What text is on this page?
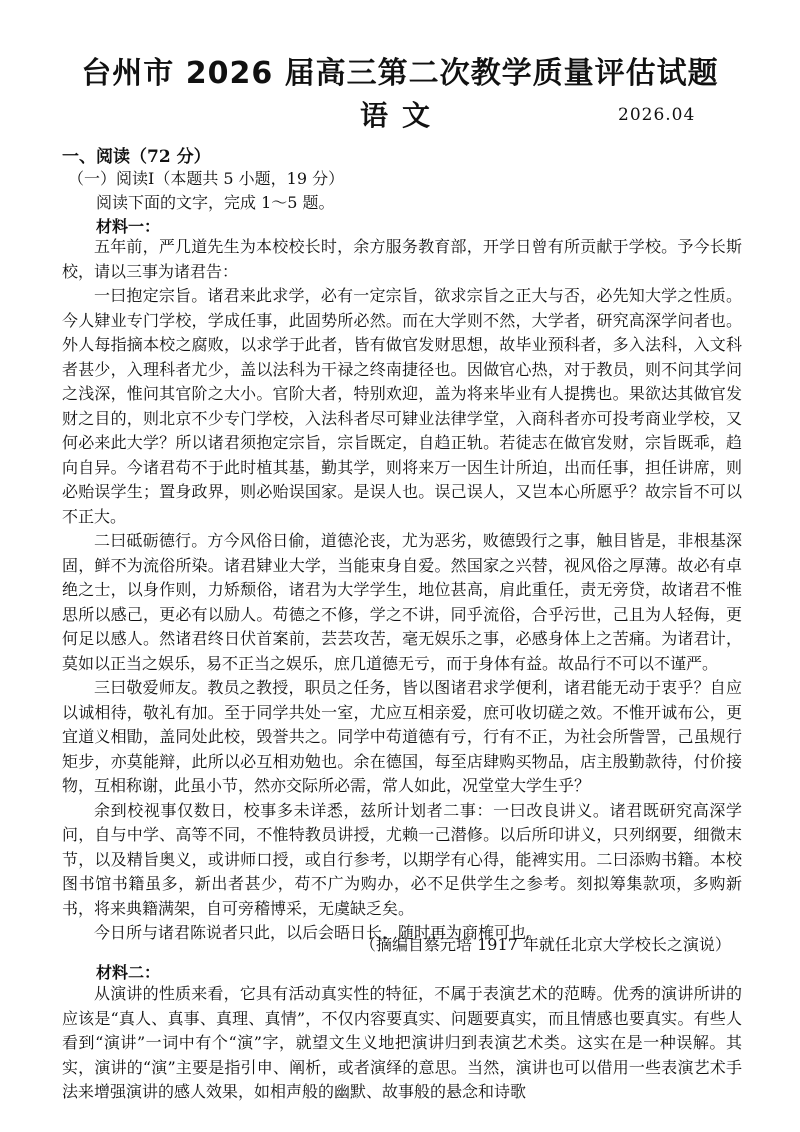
台州市 2026 届高三第二次教学质量评估试题
语文	2026.04
一、阅读（72 分）
（一）阅读Ⅰ（本题共 5 小题，19 分）
阅读下面的文字，完成 1～5 题。
材料一：

五年前，严几道先生为本校校长时，余方服务教育部，开学日曾有所贡献于学校。予今长斯校，请以三事为诸君告：

一曰抱定宗旨。诸君来此求学，必有一定宗旨，欲求宗旨之正大与否，必先知大学之性质。今人肄业专门学校，学成任事，此固势所必然。而在大学则不然，大学者，研究高深学问者也。外人每指摘本校之腐败，以求学于此者，皆有做官发财思想，故毕业预科者，多入法科，入文科者甚少，入理科者尤少，盖以法科为干禄之终南捷径也。因做官心热，对于教员，则不问其学问之浅深，惟问其官阶之大小。官阶大者，特别欢迎，盖为将来毕业有人提携也。果欲达其做官发财之目的，则北京不少专门学校，入法科者尽可肄业法律学堂，入商科者亦可投考商业学校，又何必来此大学？所以诸君须抱定宗旨，宗旨既定，自趋正轨。若徒志在做官发财，宗旨既乖，趋向自异。今诸君苟不于此时植其基，勤其学，则将来万一因生计所迫，出而任事，担任讲席，则必贻误学生；置身政界，则必贻误国家。是误人也。误己误人，又岂本心所愿乎？故宗旨不可以不正大。

二曰砥砺德行。方今风俗日偷，道德沦丧，尤为恶劣，败德毁行之事，触目皆是，非根基深固，鲜不为流俗所染。诸君肄业大学，当能束身自爱。然国家之兴替，视风俗之厚薄。故必有卓绝之士，以身作则，力矫颓俗，诸君为大学学生，地位甚高，肩此重任，责无旁贷，故诸君不惟思所以感己，更必有以励人。苟德之不修，学之不讲，同乎流俗，合乎污世，己且为人轻侮，更何足以感人。然诸君终日伏首案前，芸芸攻苦，毫无娱乐之事，必感身体上之苦痛。为诸君计，莫如以正当之娱乐，易不正当之娱乐，庶几道德无亏，而于身体有益。故品行不可以不谨严。

三曰敬爱师友。教员之教授，职员之任务，皆以图诸君求学便利，诸君能无动于衷乎？自应以诚相待，敬礼有加。至于同学共处一室，尤应互相亲爱，庶可收切磋之效。不惟开诚布公，更宜道义相勖，盖同处此校，毁誉共之。同学中苟道德有亏，行有不正，为社会所訾詈，己虽规行矩步，亦莫能辩，此所以必互相劝勉也。余在德国，每至店肆购买物品，店主殷勤款待，付价接物，互相称谢，此虽小节，然亦交际所必需，常人如此，况堂堂大学生乎？

余到校视事仅数日，校事多未详悉，兹所计划者二事：一曰改良讲义。诸君既研究高深学问，自与中学、高等不同，不惟特教员讲授，尤赖一己潜修。以后所印讲义，只列纲要，细微末节，以及精旨奥义，或讲师口授，或自行参考，以期学有心得，能裨实用。二曰添购书籍。本校图书馆书籍虽多，新出者甚少，苟不广为购办，必不足供学生之参考。刻拟筹集款项，多购新书，将来典籍满架，自可旁稽博采，无虞缺乏矣。

今日所与诸君陈说者只此，以后会晤日长，随时再为商榷可也。

（摘编自蔡元培 1917 年就任北京大学校长之演说）
材料二：

从演讲的性质来看，它具有活动真实性的特征，不属于表演艺术的范畴。优秀的演讲所讲的应该是“真人、真事、真理、真情”，不仅内容要真实、问题要真实，而且情感也要真实。有些人看到“演讲”一词中有个“演”字，就望文生义地把演讲归到表演艺术类。这实在是一种误解。其实，演讲的“演”主要是指引申、阐析，或者演绎的意思。当然，演讲也可以借用一些表演艺术手法来增强演讲的感人效果，如相声般的幽默、故事般的悬念和诗歌
